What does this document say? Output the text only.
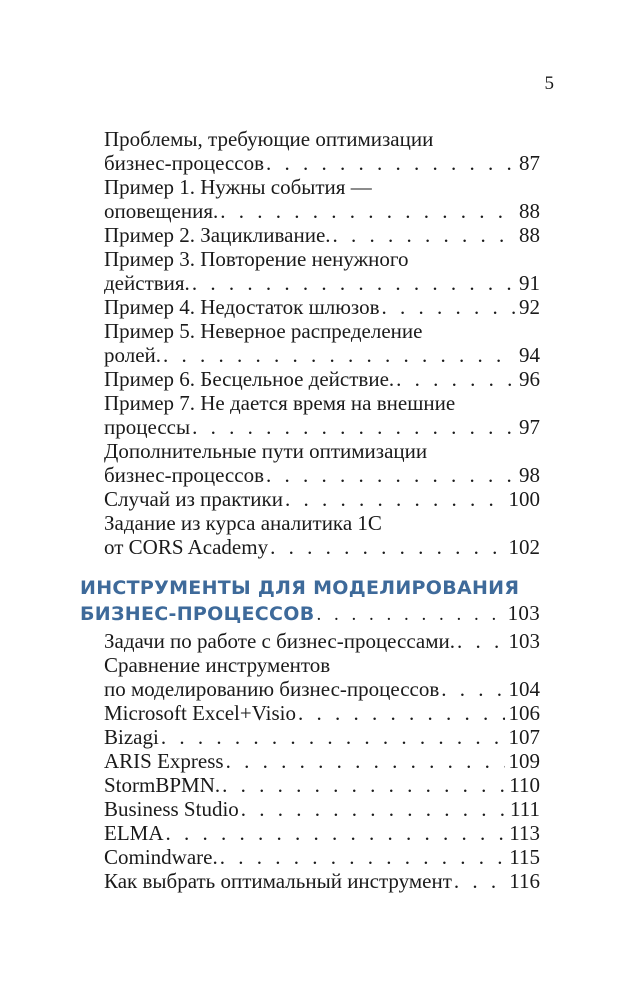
5
Проблемы, требующие оптимизации
бизнес-процессов . . .	87
Пример 1. Нужны события —
оповещения. . . .	88
Пример 2. Зацикливание. . . .	88
Пример 3. Повторение ненужного
действия. . . .	91
Пример 4. Недостаток шлюзов . . .	92
Пример 5. Неверное распределение
ролей. . . .	94
Пример 6. Бесцельное действие. . . .	96
Пример 7. Не дается время на внешние
процессы . . .	97
Дополнительные пути оптимизации
бизнес-процессов . . .	98
Случай из практики . . .	100
Задание из курса аналитика 1С
от CORS Academy . . .	102
ИНСТРУМЕНТЫ ДЛЯ МОДЕЛИРОВАНИЯ
БИЗНЕС-ПРОЦЕССОВ . . .	103
Задачи по работе с бизнес-процессами. . . .	103
Сравнение инструментов
по моделированию бизнес-процессов . . .	104
Microsoft Excel+Visio . . .	106
Bizagi . . .	107
ARIS Express . . .	109
StormBPMN. . . .	110
Business Studio . . .	111
ELMA . . .	113
Comindware. . . .	115
Как выбрать оптимальный инструмент . . .	116
